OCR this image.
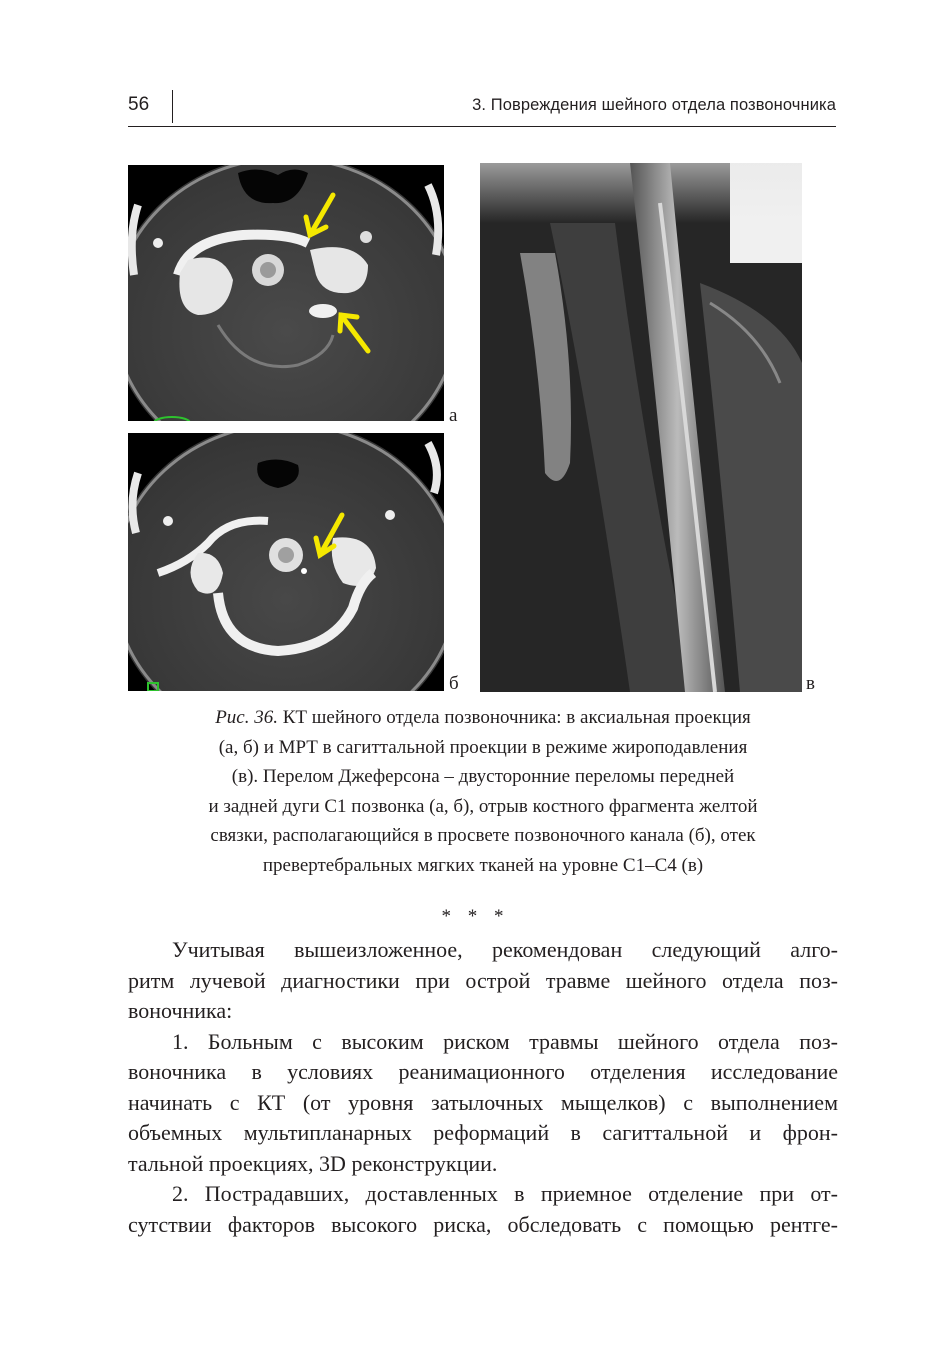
56	3. Повреждения шейного отдела позвоночника
а
б	в
Рис. 36. КТ шейного отдела позвоночника: в аксиальная проекция
(а, б) и МРТ в сагиттальной проекции в режиме жироподавления
(в). Перелом Джеферсона – двусторонние переломы передней
и задней дуги С1 позвонка (а, б), отрыв костного фрагмента желтой
связки, располагающийся в просвете позвоночного канала (б), отек
превертебральных мягких тканей на уровне С1–С4 (в)
* * *
Учитывая вышеизложенное, рекомендован следующий алго-
ритм лучевой диагностики при острой травме шейного отдела поз-
воночника:
1. Больным с высоким риском травмы шейного отдела поз-
воночника в условиях реанимационного отделения исследование
начинать с КТ (от уровня затылочных мыщелков) с выполнением
объемных мультипланарных реформаций в сагиттальной и фрон-
тальной проекциях, 3D реконструкции.
2. Пострадавших, доставленных в приемное отделение при от-
сутствии факторов высокого риска, обследовать с помощью рентге-
